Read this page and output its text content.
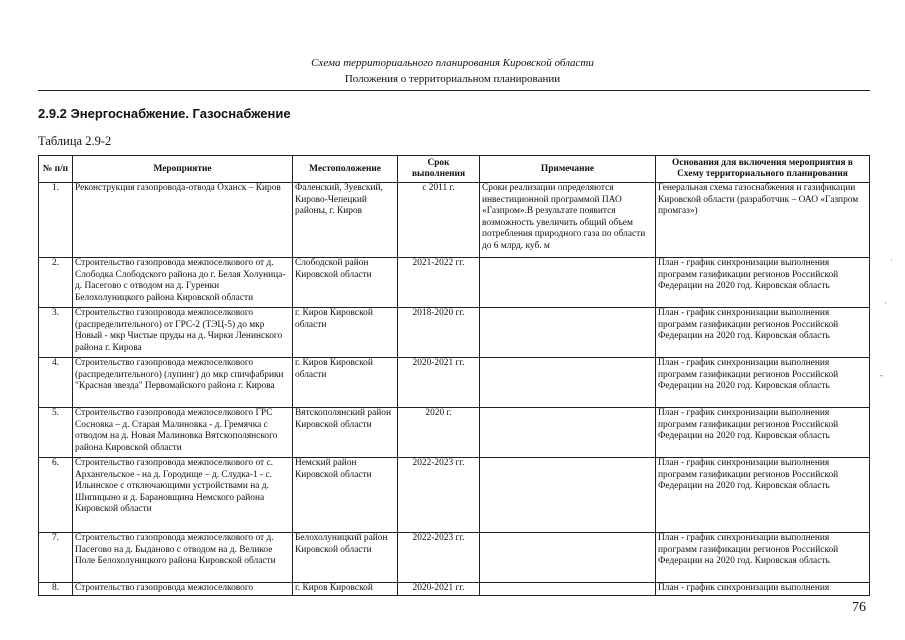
Схема территориального планирования Кировской области
Положения о территориальном планировании
2.9.2 Энергоснабжение. Газоснабжение
Таблица 2.9-2
№ п/п	Мероприятие	Местоположение	Срок выполнения	Примечание	Основания для включения мероприятия в Схему территориального планирования
1.	Реконструкция газопровода-отвода Оханск – Киров	Фаленский, Зуевский, Кирово-Чепецкий районы, г. Киров	с 2011 г.	Сроки реализации определяются инвестиционной программой ПАО «Газпром».В результате появится возможность увеличить общий объем потребления природного газа по области до 6 млрд. куб. м	Генеральная схема газоснабжения и газификации Кировской области (разработчик – ОАО «Газпром промгаз»)
2.	Строительство газопровода межпоселкового от д. Слободка Слободского района до г. Белая Холуница-д. Пасегово с отводом на д. Гуренки Белохолуницкого района Кировской области	Слободской район Кировской области	2021-2022 гг.		План - график синхронизации выполнения программ газификации регионов Российской Федерации на 2020 год. Кировская область
3.	Строительство газопровода межпоселкового (распределительного) от ГРС-2 (ТЭЦ-5) до мкр Новый - мкр Чистые пруды на д. Чирки Ленинского района г. Кирова	г. Киров Кировской области	2018-2020 гг.		План - график синхронизации выполнения программ газификации регионов Российской Федерации на 2020 год. Кировская область
4.	Строительство газопровода межпоселкового (распределительного) (лупинг) до мкр спичфабрики "Красная звезда" Первомайского района г. Кирова	г. Киров Кировской области	2020-2021 гг.		План - график синхронизации выполнения программ газификации регионов Российской Федерации на 2020 год. Кировская область
5.	Строительство газопровода межпоселкового ГРС Сосновка – д. Старая Малиновка - д. Гремячка с отводом на д. Новая Малиновка Вятскополянского района Кировской области	Вятскополянский район Кировской области	2020 г.		План - график синхронизации выполнения программ газификации регионов Российской Федерации на 2020 год. Кировская область
6.	Строительство газопровода межпоселкового от с. Архангельское - на д. Городище – д. Слудка-1 - с. Ильинское с отключающими устройствами на д. Шипицыно и д. Барановщина Немского района Кировской области	Немский район Кировской области	2022-2023 гг.		План - график синхронизации выполнения программ газификации регионов Российской Федерации на 2020 год. Кировская область
7.	Строительство газопровода межпоселкового от д. Пасегово на д. Быданово с отводом на д. Великое Поле Белохолуницкого района Кировской области	Белохолуницкий район Кировской области	2022-2023 гг.		План - график синхронизации выполнения программ газификации регионов Российской Федерации на 2020 год. Кировская область
8.	Строительство газопровода межпоселкового	г. Киров Кировской	2020-2021 гг.		План - график синхронизации выполнения
76
˙
·
‐
